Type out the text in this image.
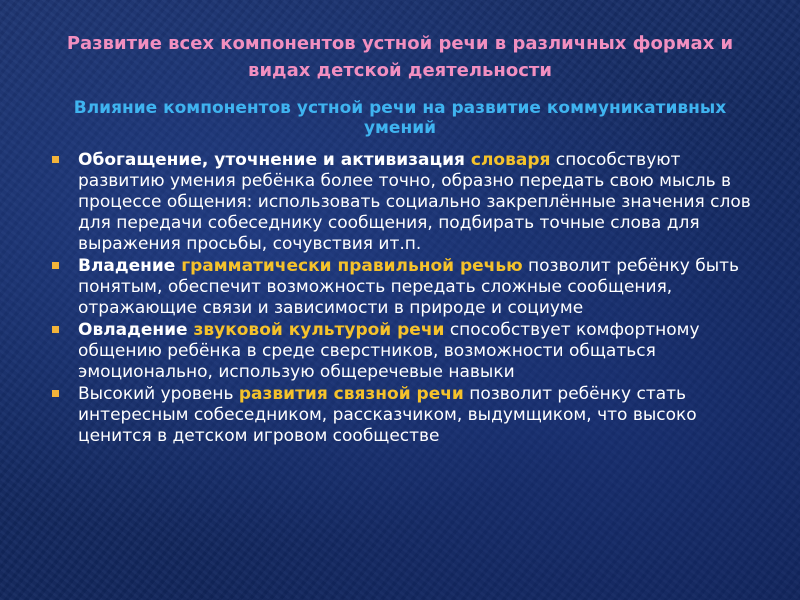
Развитие всех компонентов устной речи в различных формах и видах детской деятельности
Влияние компонентов устной речи на развитие коммуникативных умений
Обогащение, уточнение и активизация словаря способствуют развитию умения ребёнка более точно, образно передать свою мысль в процессе общения: использовать социально закреплённые значения слов для передачи собеседнику сообщения, подбирать точные слова для выражения просьбы, сочувствия ит.п.
Владение грамматически правильной речью позволит ребёнку быть понятым, обеспечит возможность передать сложные сообщения, отражающие связи и зависимости в природе и социуме
Овладение звуковой культурой речи способствует комфортному общению ребёнка в среде сверстников, возможности общаться эмоционально, использую общеречевые навыки
Высокий уровень развития связной речи позволит ребёнку стать интересным собеседником, рассказчиком, выдумщиком, что высоко ценится в детском игровом сообществе
